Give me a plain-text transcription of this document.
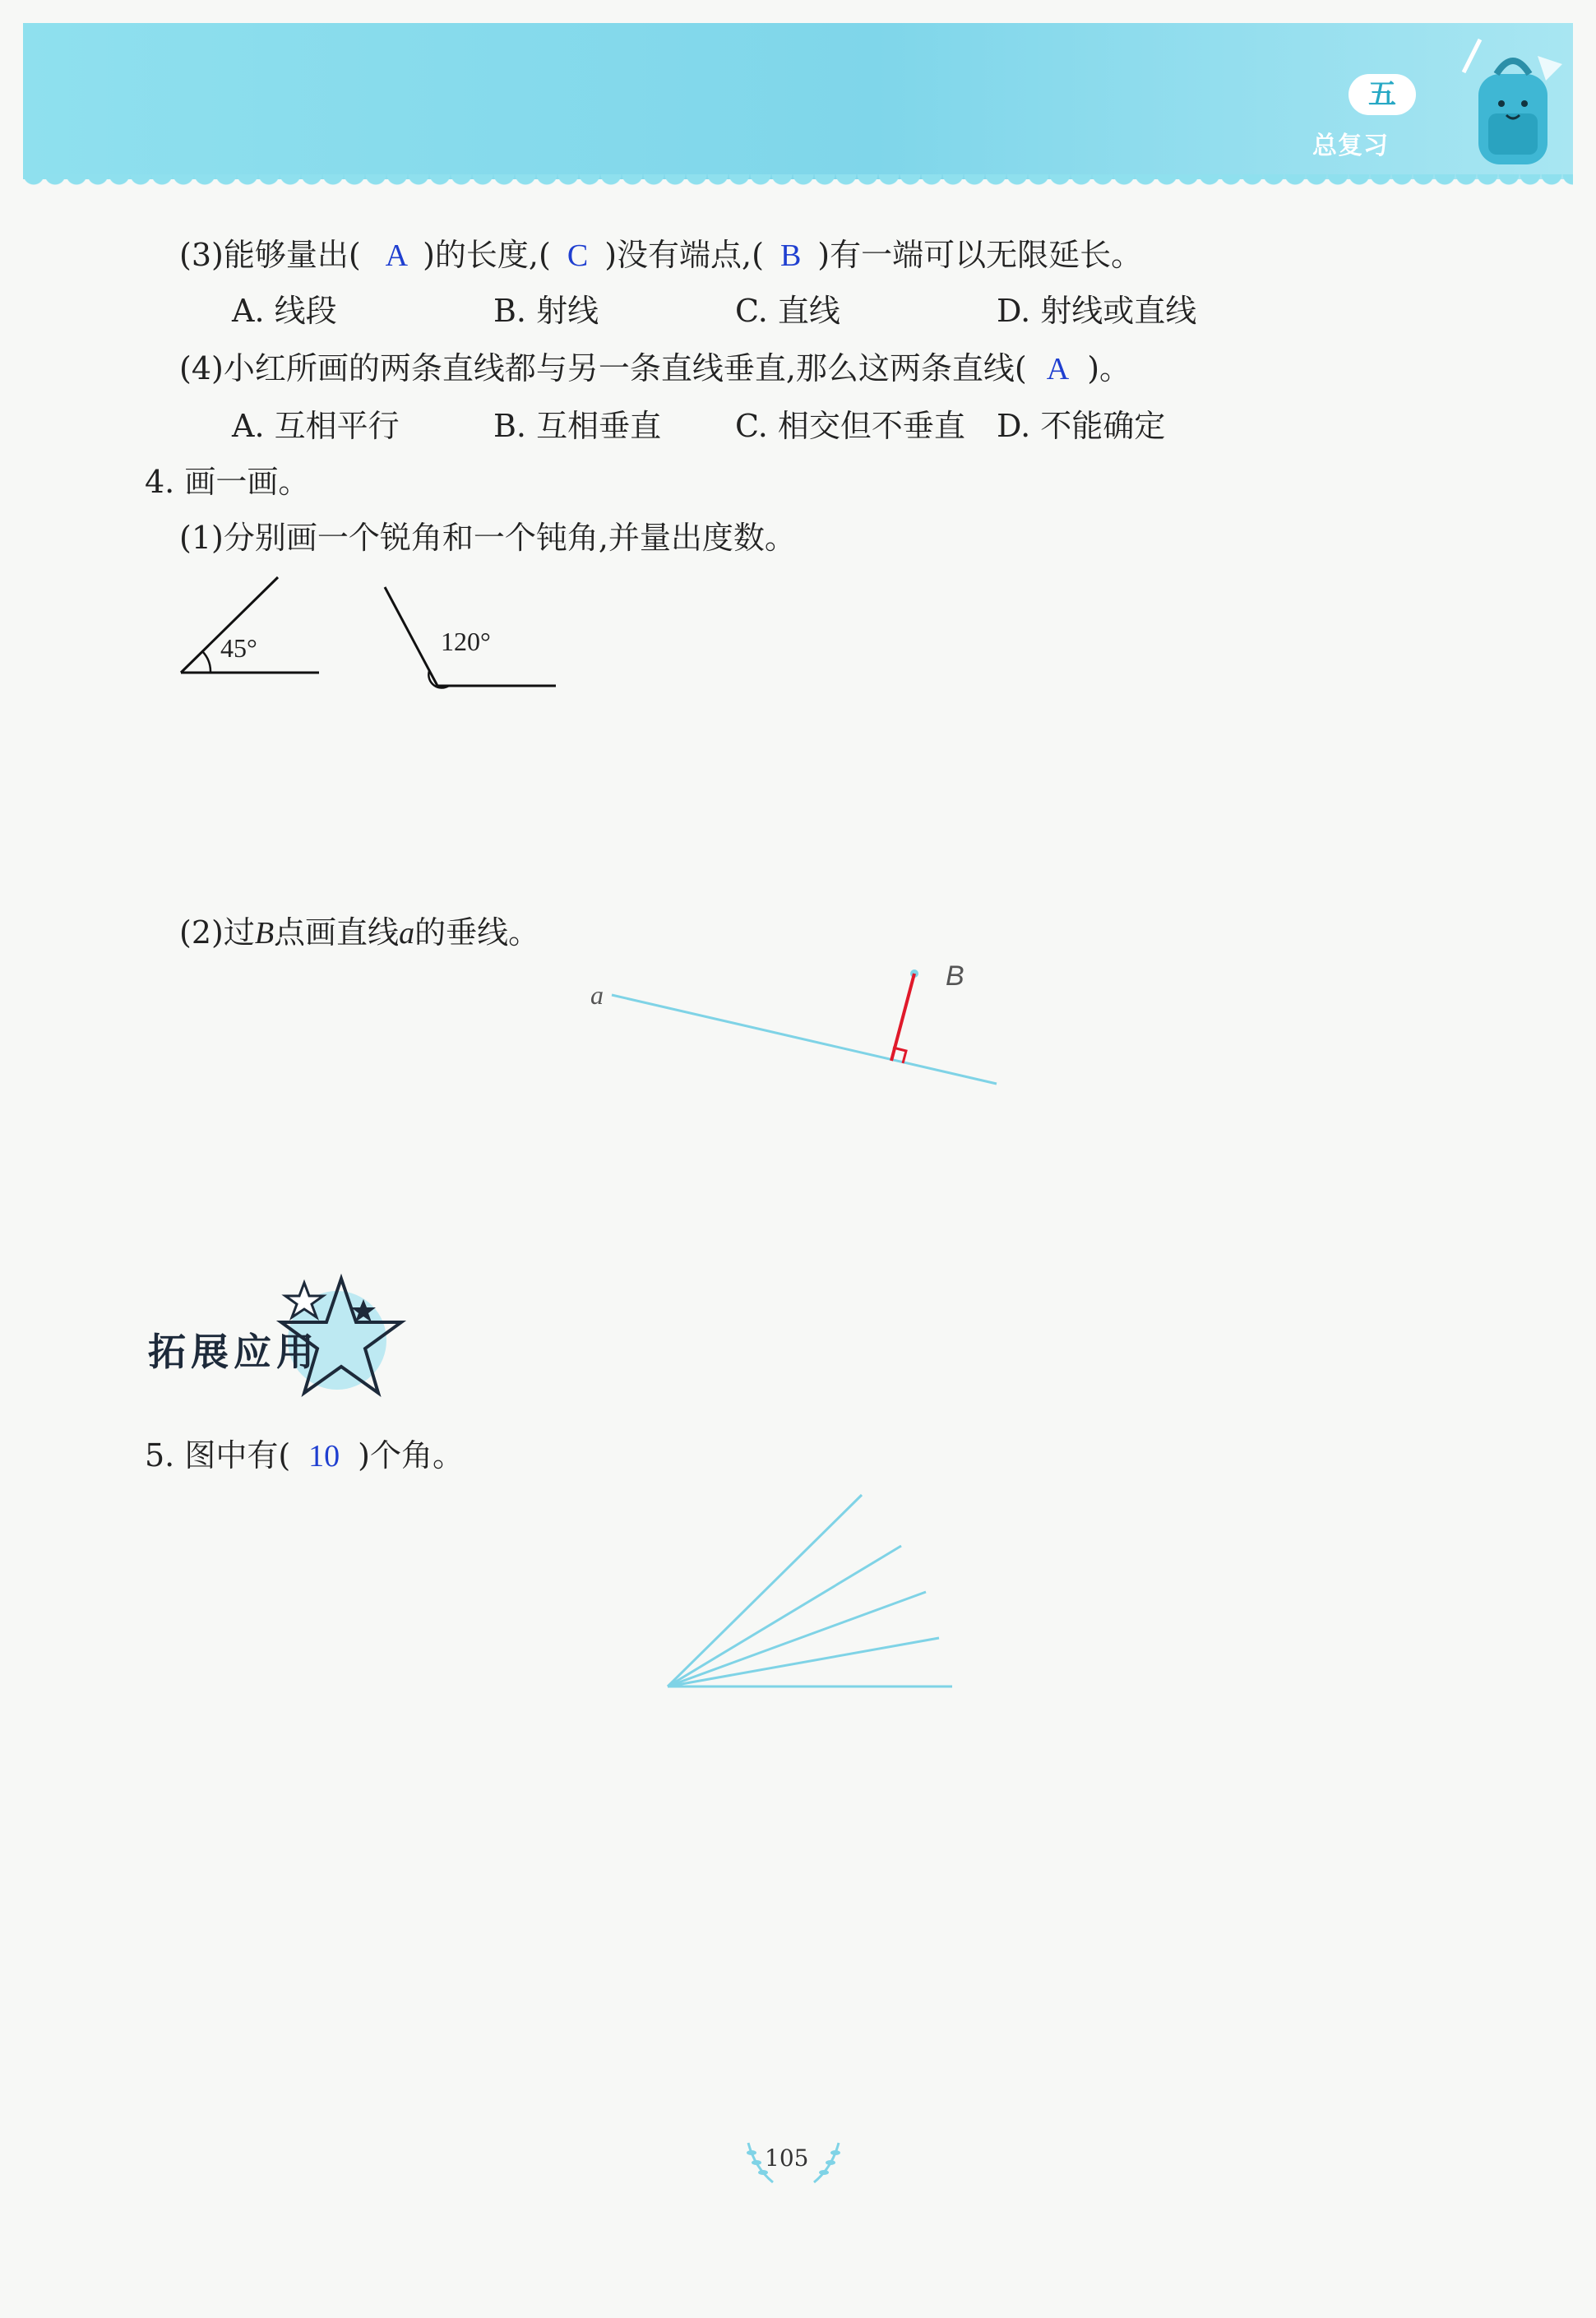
五
总复习
(3)能够量出( A )的长度,( C )没有端点,( B )有一端可以无限延长。
A. 线段	B. 射线	C. 直线	D. 射线或直线
(4)小红所画的两条直线都与另一条直线垂直,那么这两条直线( A )。
A. 互相平行	B. 互相垂直 C. 相交但不垂直 D. 不能确定
4. 画一画。
(1)分别画一个锐角和一个钝角,并量出度数。
45°	120°
(2)过B点画直线a的垂线。
a
B
拓展应用
5. 图中有( 10 )个角。
105
